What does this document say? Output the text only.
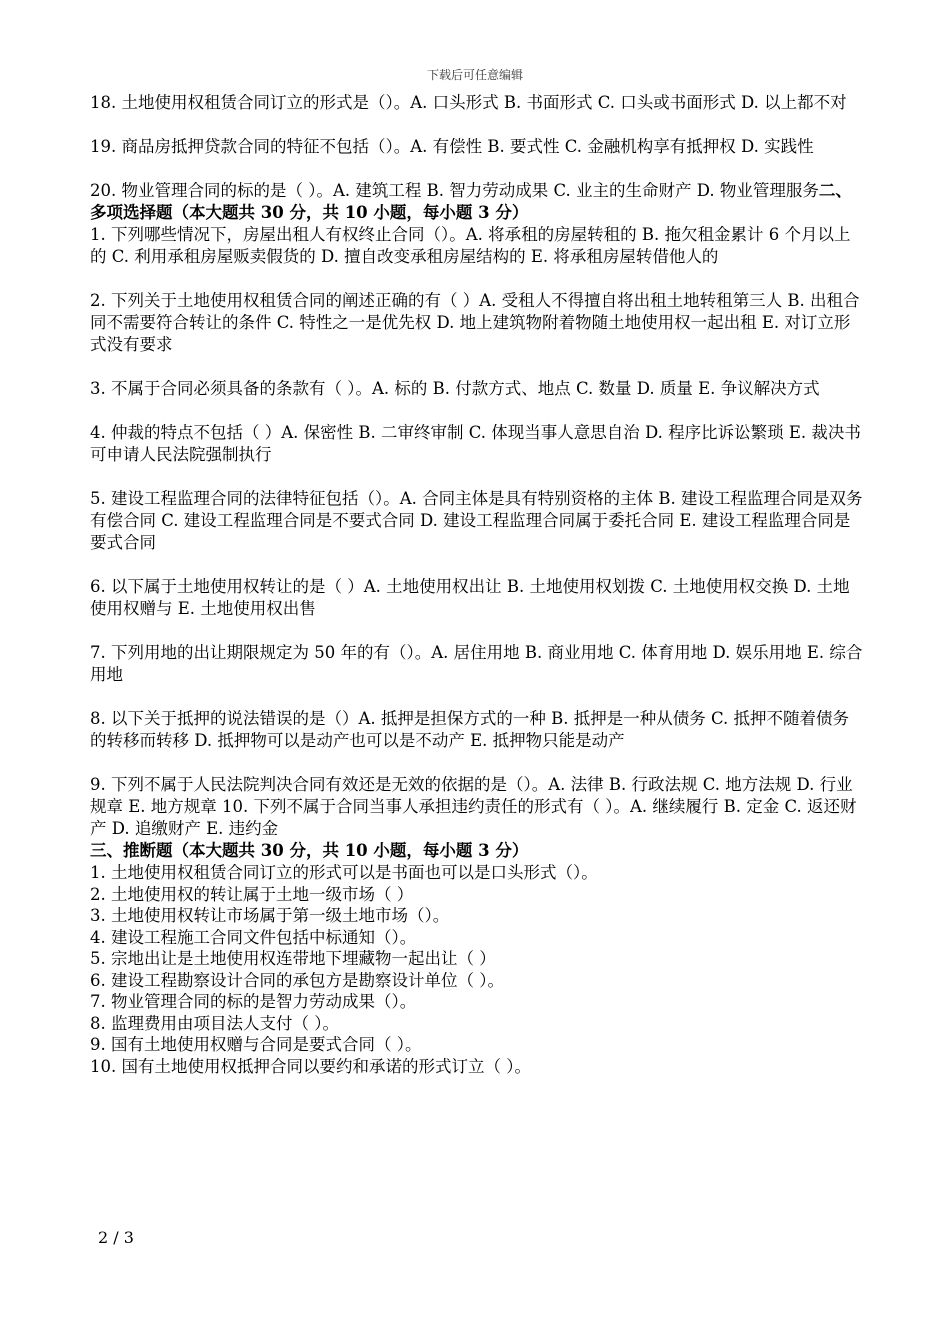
下载后可任意编辑

18. 土地使用权租赁合同订立的形式是（）。A. 口头形式 B. 书面形式 C. 口头或书面形式 D. 以上都不对

19. 商品房抵押贷款合同的特征不包括（）。A. 有偿性 B. 要式性 C. 金融机构享有抵押权 D. 实践性

20. 物业管理合同的标的是（ ）。A. 建筑工程 B. 智力劳动成果 C. 业主的生命财产 D. 物业管理服务二、多项选择题（本大题共 30 分，共 10 小题，每小题 3 分）

1. 下列哪些情况下，房屋出租人有权终止合同（）。A. 将承租的房屋转租的 B. 拖欠租金累计 6 个月以上的 C. 利用承租房屋贩卖假货的 D. 擅自改变承租房屋结构的 E. 将承租房屋转借他人的

2. 下列关于土地使用权租赁合同的阐述正确的有（ ）A. 受租人不得擅自将出租土地转租第三人 B. 出租合同不需要符合转让的条件 C. 特性之一是优先权 D. 地上建筑物附着物随土地使用权一起出租 E. 对订立形式没有要求

3. 不属于合同必须具备的条款有（ ）。A. 标的 B. 付款方式、地点 C. 数量 D. 质量 E. 争议解决方式

4. 仲裁的特点不包括（ ）A. 保密性 B. 二审终审制 C. 体现当事人意思自治 D. 程序比诉讼繁琐 E. 裁决书可申请人民法院强制执行

5. 建设工程监理合同的法律特征包括（）。A. 合同主体是具有特别资格的主体 B. 建设工程监理合同是双务有偿合同 C. 建设工程监理合同是不要式合同 D. 建设工程监理合同属于委托合同 E. 建设工程监理合同是要式合同

6. 以下属于土地使用权转让的是（ ）A. 土地使用权出让 B. 土地使用权划拨 C. 土地使用权交换 D. 土地使用权赠与 E. 土地使用权出售

7. 下列用地的出让期限规定为 50 年的有（）。A. 居住用地 B. 商业用地 C. 体育用地 D. 娱乐用地 E. 综合用地

8. 以下关于抵押的说法错误的是（）A. 抵押是担保方式的一种 B. 抵押是一种从债务 C. 抵押不随着债务的转移而转移 D. 抵押物可以是动产也可以是不动产 E. 抵押物只能是动产

9. 下列不属于人民法院判决合同有效还是无效的依据的是（）。A. 法律 B. 行政法规 C. 地方法规 D. 行业规章 E. 地方规章 10. 下列不属于合同当事人承担违约责任的形式有（ ）。A. 继续履行 B. 定金 C. 返还财产 D. 追缴财产 E. 违约金

三、推断题（本大题共 30 分，共 10 小题，每小题 3 分）
1. 土地使用权租赁合同订立的形式可以是书面也可以是口头形式（）。
2. 土地使用权的转让属于土地一级市场（ ）
3. 土地使用权转让市场属于第一级土地市场（）。
4. 建设工程施工合同文件包括中标通知（）。
5. 宗地出让是土地使用权连带地下埋藏物一起出让（ ）
6. 建设工程勘察设计合同的承包方是勘察设计单位（ ）。
7. 物业管理合同的标的是智力劳动成果（）。
8. 监理费用由项目法人支付（ ）。
9. 国有土地使用权赠与合同是要式合同（ ）。
10. 国有土地使用权抵押合同以要约和承诺的形式订立（ ）。
2 / 3
